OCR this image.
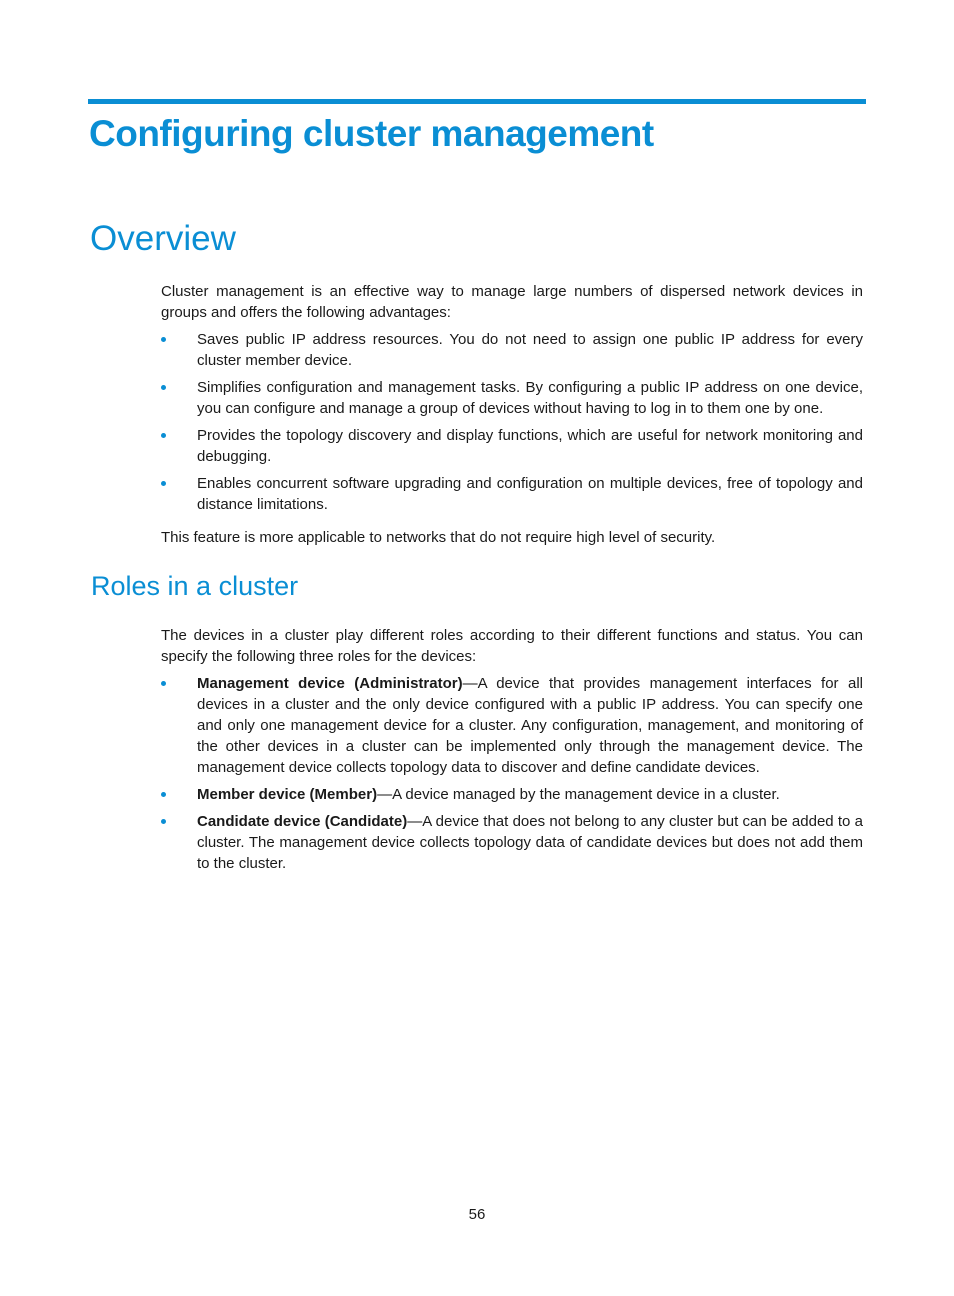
Configuring cluster management
Overview

Cluster management is an effective way to manage large numbers of dispersed network devices in groups and offers the following advantages:

Saves public IP address resources. You do not need to assign one public IP address for every cluster member device.
Simplifies configuration and management tasks. By configuring a public IP address on one device, you can configure and manage a group of devices without having to log in to them one by one.
Provides the topology discovery and display functions, which are useful for network monitoring and debugging.
Enables concurrent software upgrading and configuration on multiple devices, free of topology and distance limitations.

This feature is more applicable to networks that do not require high level of security.

Roles in a cluster

The devices in a cluster play different roles according to their different functions and status. You can specify the following three roles for the devices:

Management device (Administrator)—A device that provides management interfaces for all devices in a cluster and the only device configured with a public IP address. You can specify one and only one management device for a cluster. Any configuration, management, and monitoring of the other devices in a cluster can be implemented only through the management device. The management device collects topology data to discover and define candidate devices.
Member device (Member)—A device managed by the management device in a cluster.
Candidate device (Candidate)—A device that does not belong to any cluster but can be added to a cluster. The management device collects topology data of candidate devices but does not add them to the cluster.
56
